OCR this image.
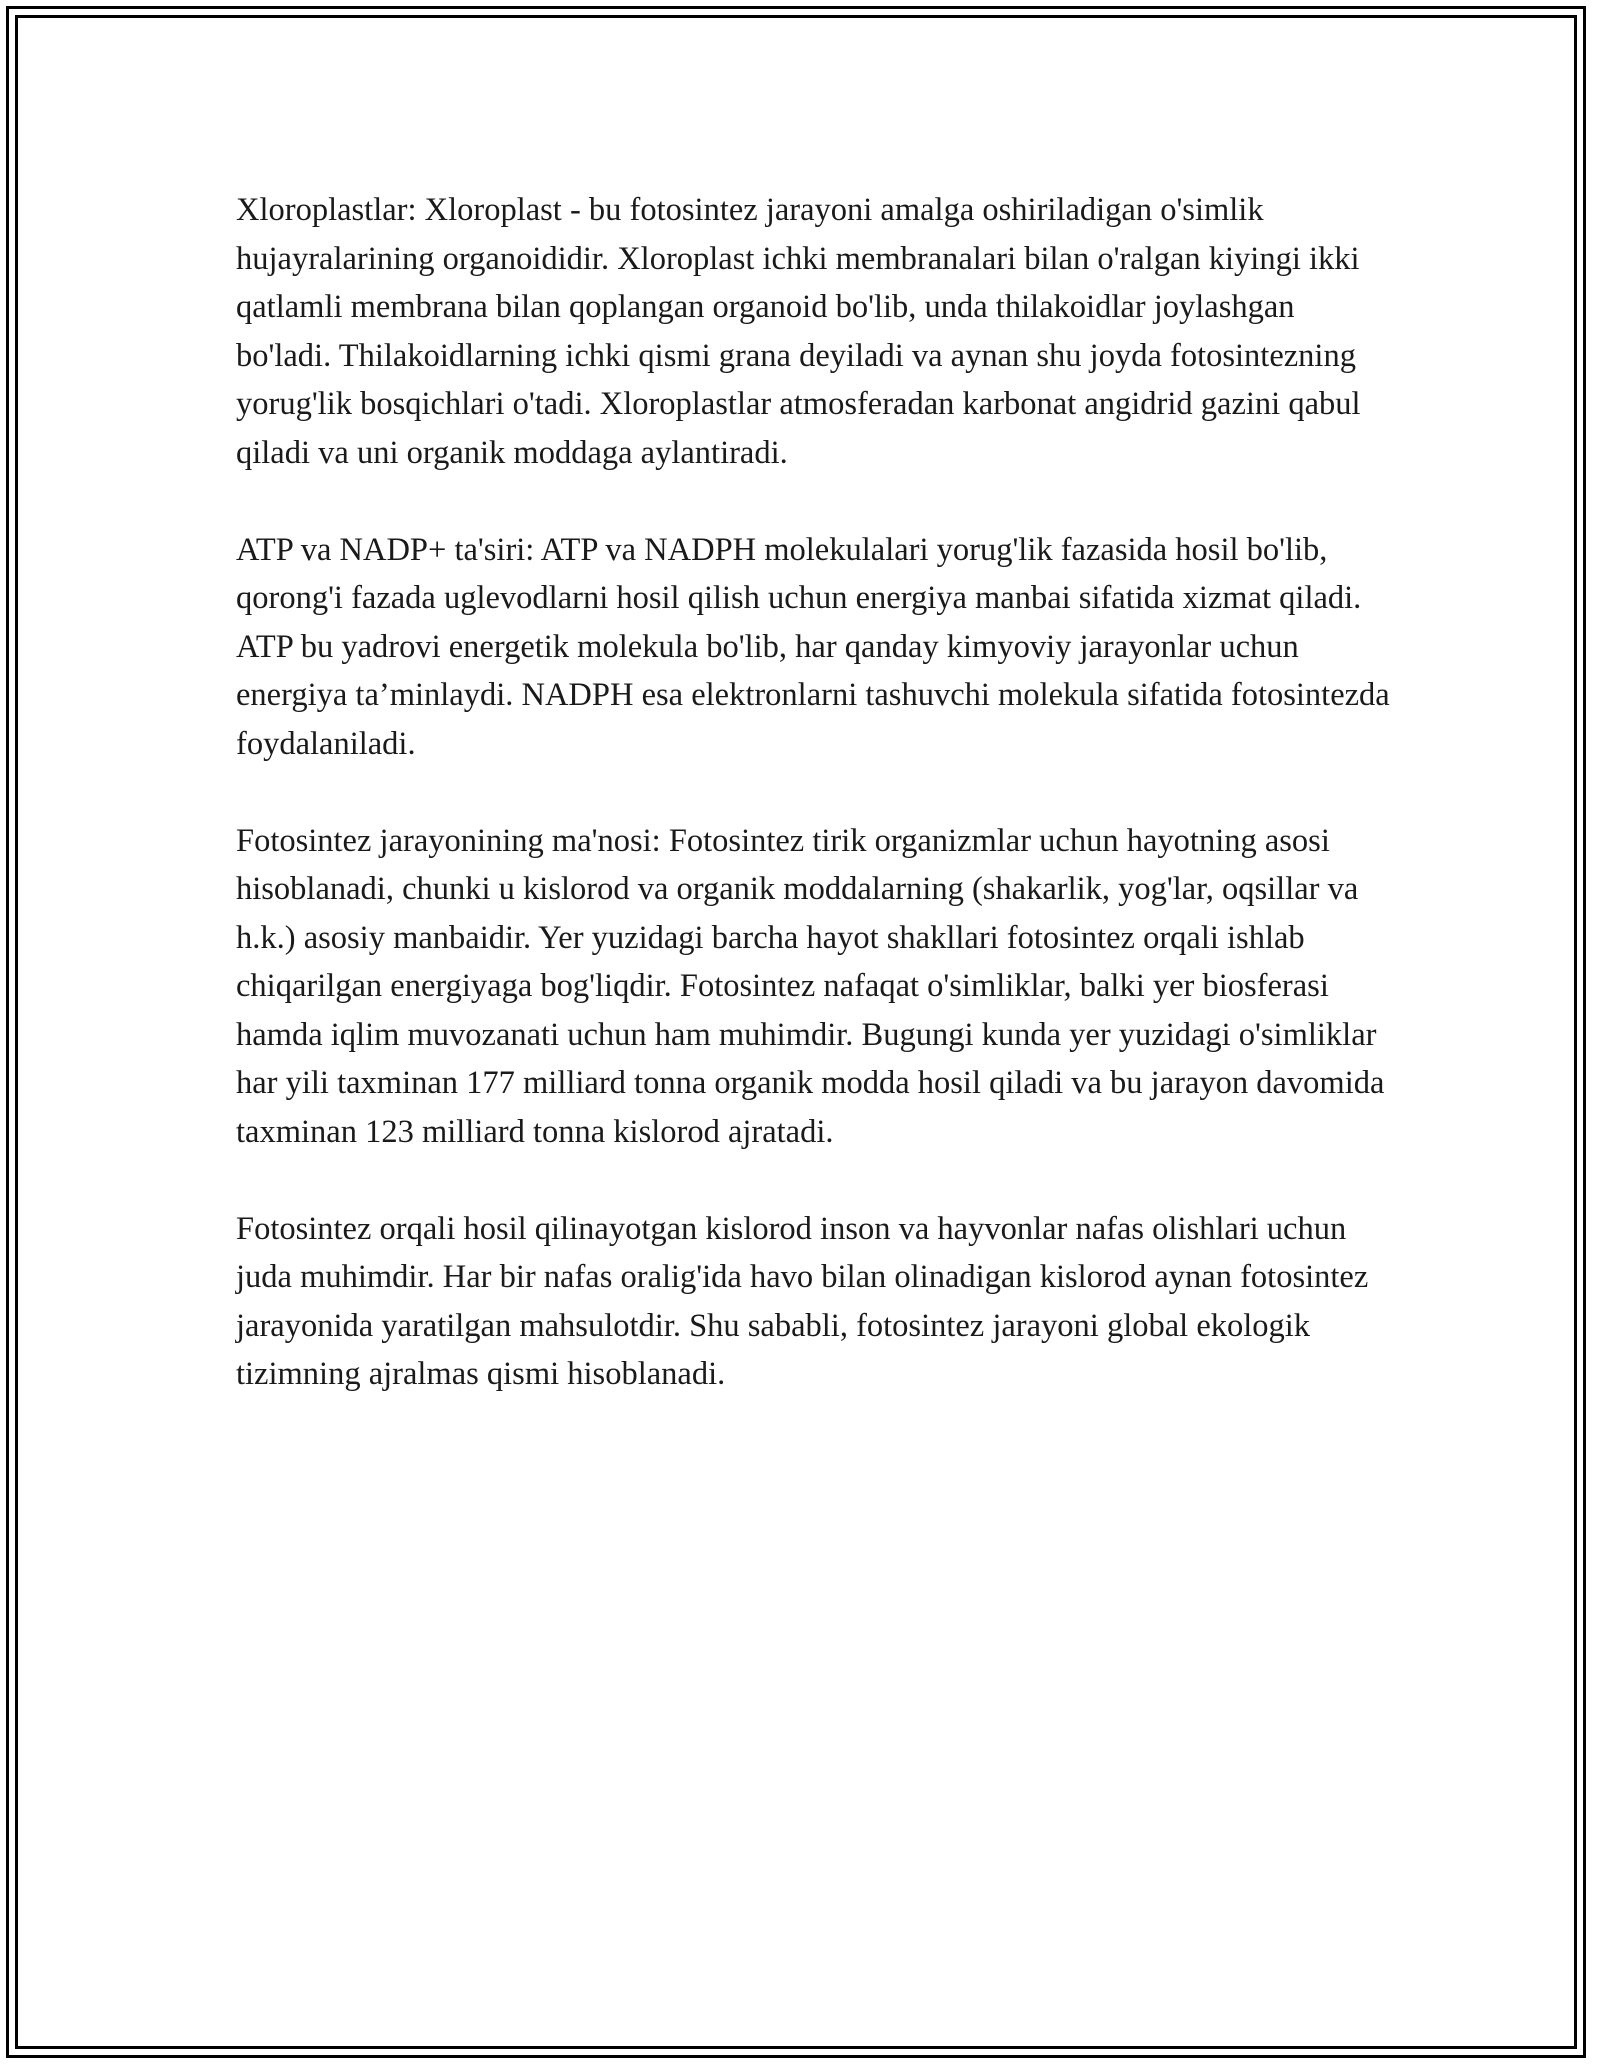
Xloroplastlar: Xloroplast - bu fotosintez jarayoni amalga oshiriladigan o'simlik hujayralarining organoididir. Xloroplast ichki membranalari bilan o'ralgan kiyingi ikki qatlamli membrana bilan qoplangan organoid bo'lib, unda thilakoidlar joylashgan bo'ladi. Thilakoidlarning ichki qismi grana deyiladi va aynan shu joyda fotosintezning yorug'lik bosqichlari o'tadi. Xloroplastlar atmosferadan karbonat angidrid gazini qabul qiladi va uni organik moddaga aylantiradi.

ATP va NADP+ ta'siri: ATP va NADPH molekulalari yorug'lik fazasida hosil bo'lib, qorong'i fazada uglevodlarni hosil qilish uchun energiya manbai sifatida xizmat qiladi. ATP bu yadrovi energetik molekula bo'lib, har qanday kimyoviy jarayonlar uchun energiya ta’minlaydi. NADPH esa elektronlarni tashuvchi molekula sifatida fotosintezda foydalaniladi.

Fotosintez jarayonining ma'nosi: Fotosintez tirik organizmlar uchun hayotning asosi hisoblanadi, chunki u kislorod va organik moddalarning (shakarlik, yog'lar, oqsillar va h.k.) asosiy manbaidir. Yer yuzidagi barcha hayot shakllari fotosintez orqali ishlab chiqarilgan energiyaga bog'liqdir. Fotosintez nafaqat o'simliklar, balki yer biosferasi hamda iqlim muvozanati uchun ham muhimdir. Bugungi kunda yer yuzidagi o'simliklar har yili taxminan 177 milliard tonna organik modda hosil qiladi va bu jarayon davomida taxminan 123 milliard tonna kislorod ajratadi.

Fotosintez orqali hosil qilinayotgan kislorod inson va hayvonlar nafas olishlari uchun juda muhimdir. Har bir nafas oralig'ida havo bilan olinadigan kislorod aynan fotosintez jarayonida yaratilgan mahsulotdir. Shu sababli, fotosintez jarayoni global ekologik tizimning ajralmas qismi hisoblanadi.
